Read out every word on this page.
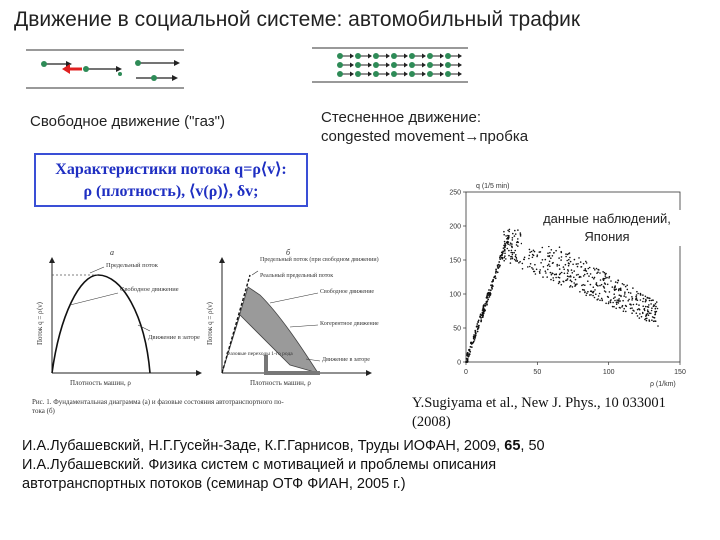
Движение в социальной системе: автомобильный трафик
Свободное движение ("газ")	Стесненное движение:
congested movement→пробка
Характеристики потока q=ρ⟨v⟩:
ρ (плотность), ⟨v(ρ)⟩, δv;
а
Поток q = ρ⟨v⟩
Плотность машин, ρ
Предельный поток
Свободное движение
Движение в заторе
б
Поток q = ρ⟨v⟩
Плотность машин, ρ
Предельный поток (при свободном движении)
Реальный предельный поток
Свободное движение
Когерентное движение
Движение в заторе
Фазовые переходы 1-го рода
Рис. 1. Фундаментальная диаграмма (а) и фазовые состояния автотранспортного по-
тока (б)
q (1/5 min)
ρ (1/km)
0
50
100
150
200
250
0	50	100	150
данные наблюдений, Япония
Y.Sugiyama et al., New J. Phys., 10 033001
(2008)
И.А.Лубашевский, Н.Г.Гусейн-Заде, К.Г.Гарнисов, Труды ИОФАН, 2009, 65, 50
И.А.Лубашевский. Физика систем с мотивацией и проблемы описания
автотранспортных потоков (семинар ОТФ ФИАН, 2005 г.)
